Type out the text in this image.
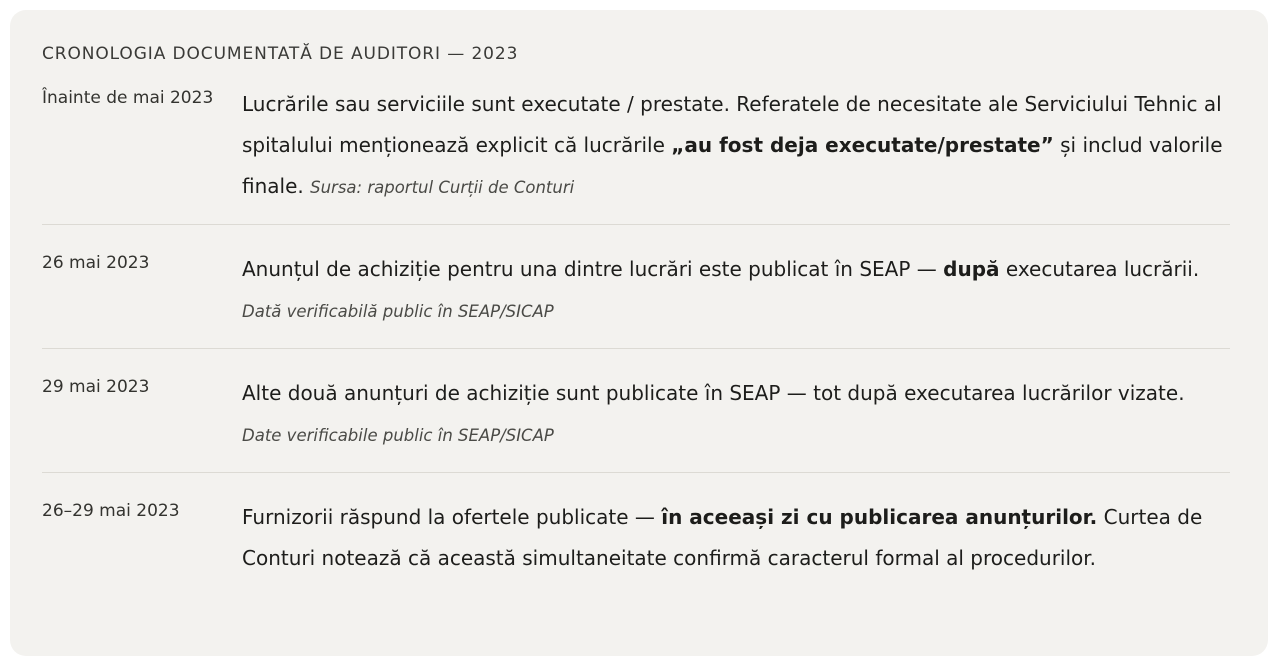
CRONOLOGIA DOCUMENTATĂ DE AUDITORI — 2023
Înainte de mai 2023	Lucrările sau serviciile sunt executate / prestate. Referatele de necesitate ale Serviciului Tehnic al spitalului menționează explicit că lucrările „au fost deja executate/prestate” și includ valorile finale. Sursa: raportul Curții de Conturi
26 mai 2023	Anunțul de achiziție pentru una dintre lucrări este publicat în SEAP — după executarea lucrării. Dată verificabilă public în SEAP/SICAP
29 mai 2023	Alte două anunțuri de achiziție sunt publicate în SEAP — tot după executarea lucrărilor vizate. Date verificabile public în SEAP/SICAP
26–29 mai 2023	Furnizorii răspund la ofertele publicate — în aceeași zi cu publicarea anunțurilor. Curtea de Conturi notează că această simultaneitate confirmă caracterul formal al procedurilor.
